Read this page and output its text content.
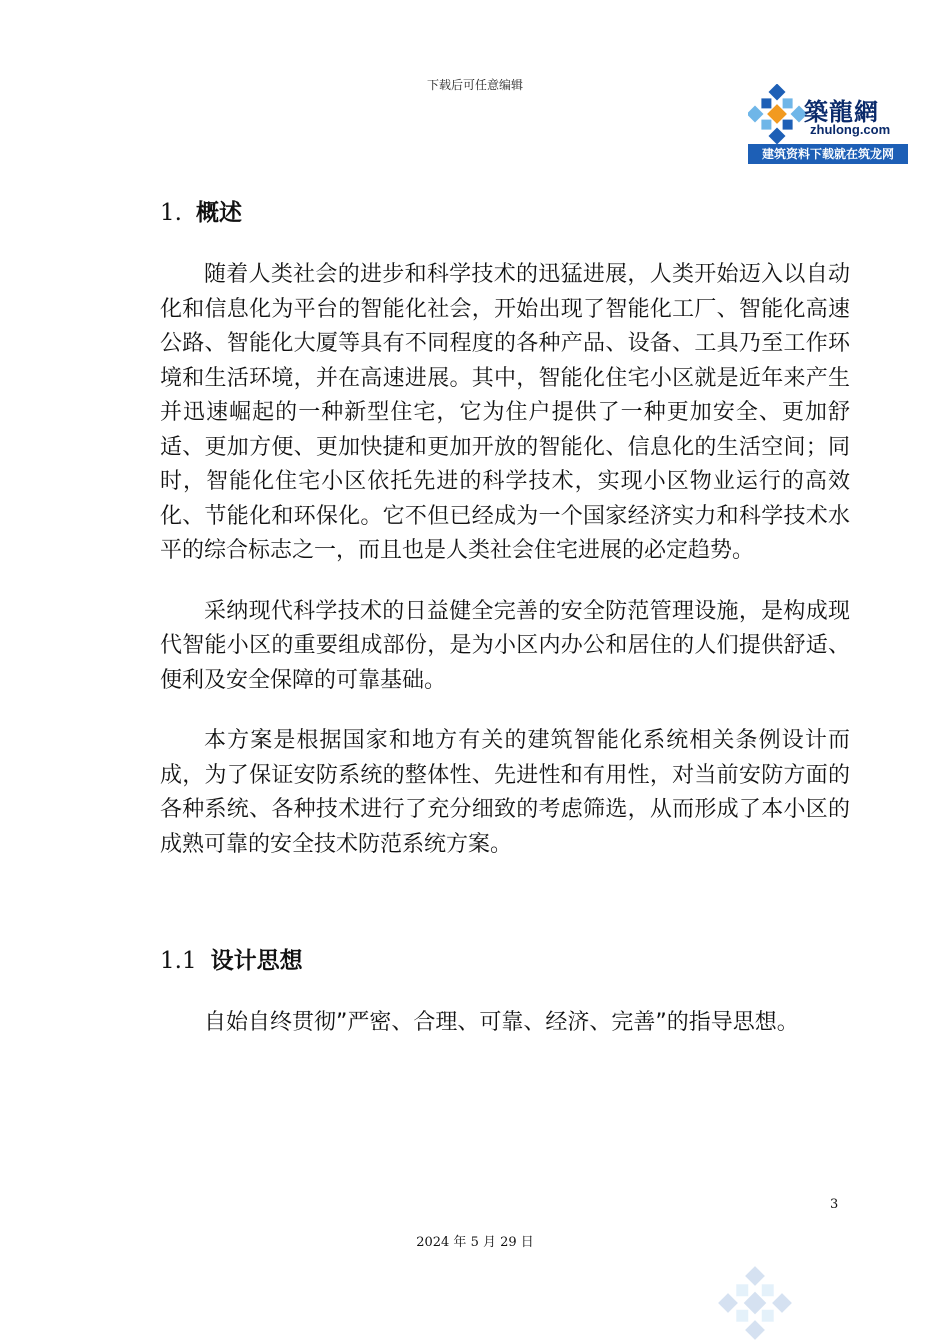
下载后可任意编辑
築龍網
zhulong.com
建筑资料下载就在筑龙网
1. 概述

随着人类社会的进步和科学技术的迅猛进展，人类开始迈入以自动化和信息化为平台的智能化社会，开始出现了智能化工厂、智能化高速公路、智能化大厦等具有不同程度的各种产品、设备、工具乃至工作环境和生活环境，并在高速进展。其中，智能化住宅小区就是近年来产生并迅速崛起的一种新型住宅，它为住户提供了一种更加安全、更加舒适、更加方便、更加快捷和更加开放的智能化、信息化的生活空间；同时，智能化住宅小区依托先进的科学技术，实现小区物业运行的高效化、节能化和环保化。它不但已经成为一个国家经济实力和科学技术水平的综合标志之一，而且也是人类社会住宅进展的必定趋势。

采纳现代科学技术的日益健全完善的安全防范管理设施，是构成现代智能小区的重要组成部份，是为小区内办公和居住的人们提供舒适、便利及安全保障的可靠基础。

本方案是根据国家和地方有关的建筑智能化系统相关条例设计而成，为了保证安防系统的整体性、先进性和有用性，对当前安防方面的各种系统、各种技术进行了充分细致的考虑筛选，从而形成了本小区的成熟可靠的安全技术防范系统方案。

1.1 设计思想

自始自终贯彻”严密、合理、可靠、经济、完善”的指导思想。

3
2024 年 5 月 29 日
